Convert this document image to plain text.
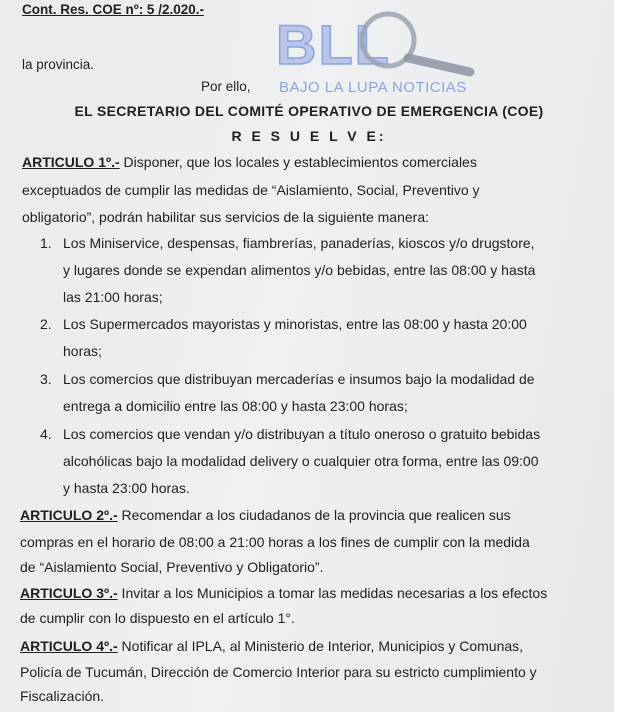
Cont. Res. COE nº: 5 /2.020.-
BLL
la provincia.
Por ello, BAJO LA LUPA NOTICIAS
EL SECRETARIO DEL COMITÉ OPERATIVO DE EMERGENCIA (COE)
R E S U E L V E:
ARTICULO 1º.- Disponer, que los locales y establecimientos comerciales
exceptuados de cumplir las medidas de “Aislamiento, Social, Preventivo y
obligatorio”, podrán habilitar sus servicios de la siguiente manera:
1. Los Miniservice, despensas, fiambrerías, panaderías, kioscos y/o drugstore,
y lugares donde se expendan alimentos y/o bebidas, entre las 08:00 y hasta
las 21:00 horas;
2. Los Supermercados mayoristas y minoristas, entre las 08:00 y hasta 20:00
horas;
3. Los comercios que distribuyan mercaderías e insumos bajo la modalidad de
entrega a domicilio entre las 08:00 y hasta 23:00 horas;
4. Los comercios que vendan y/o distribuyan a título oneroso o gratuito bebidas
alcohólicas bajo la modalidad delivery o cualquier otra forma, entre las 09:00
y hasta 23:00 horas.
ARTICULO 2º.- Recomendar a los ciudadanos de la provincia que realicen sus
compras en el horario de 08:00 a 21:00 horas a los fines de cumplir con la medida
de “Aislamiento Social, Preventivo y Obligatorio”.
ARTICULO 3º.- Invitar a los Municipios a tomar las medidas necesarias a los efectos
de cumplir con lo dispuesto en el artículo 1°.
ARTICULO 4º.- Notificar al IPLA, al Ministerio de Interior, Municipios y Comunas,
Policía de Tucumán, Dirección de Comercio Interior para su estricto cumplimiento y
Fiscalización.
